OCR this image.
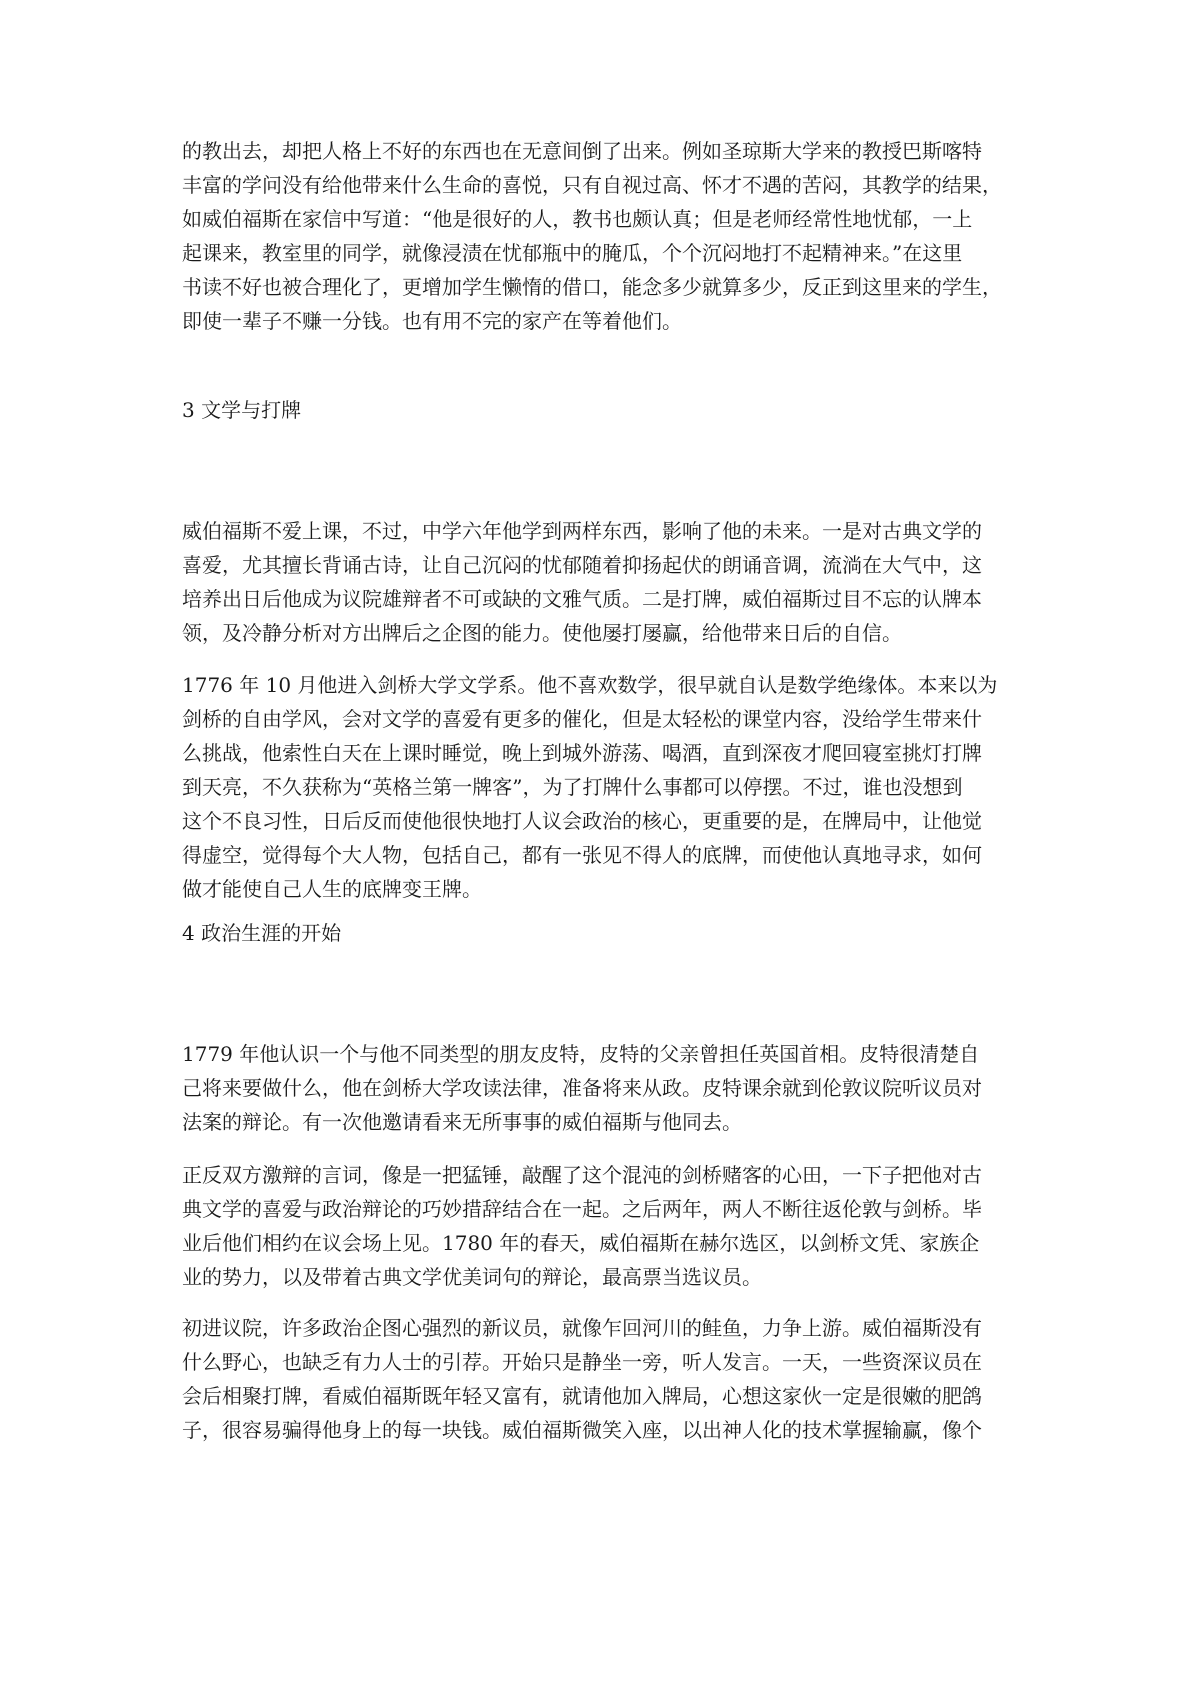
的教出去，却把人格上不好的东西也在无意间倒了出来。例如圣琼斯大学来的教授巴斯喀特
丰富的学问没有给他带来什么生命的喜悦，只有自视过高、怀才不遇的苦闷，其教学的结果，
如威伯福斯在家信中写道：“他是很好的人，教书也颇认真；但是老师经常性地忧郁，一上
起课来，教室里的同学，就像浸渍在忧郁瓶中的腌瓜，个个沉闷地打不起精神来。”在这里
书读不好也被合理化了，更增加学生懒惰的借口，能念多少就算多少，反正到这里来的学生，
即使一辈子不赚一分钱。也有用不完的家产在等着他们。
3 文学与打牌
威伯福斯不爱上课，不过，中学六年他学到两样东西，影响了他的未来。一是对古典文学的
喜爱，尤其擅长背诵古诗，让自己沉闷的忧郁随着抑扬起伏的朗诵音调，流淌在大气中，这
培养出日后他成为议院雄辩者不可或缺的文雅气质。二是打牌，威伯福斯过目不忘的认牌本
领，及冷静分析对方出牌后之企图的能力。使他屡打屡赢，给他带来日后的自信。
1776 年 10 月他进入剑桥大学文学系。他不喜欢数学，很早就自认是数学绝缘体。本来以为
剑桥的自由学风，会对文学的喜爱有更多的催化，但是太轻松的课堂内容，没给学生带来什
么挑战，他索性白天在上课时睡觉，晚上到城外游荡、喝酒，直到深夜才爬回寝室挑灯打牌
到天亮，不久获称为“英格兰第一牌客”，为了打牌什么事都可以停摆。不过，谁也没想到
这个不良习性，日后反而使他很快地打人议会政治的核心，更重要的是，在牌局中，让他觉
得虚空，觉得每个大人物，包括自己，都有一张见不得人的底牌，而使他认真地寻求，如何
做才能使自己人生的底牌变王牌。
4 政治生涯的开始
1779 年他认识一个与他不同类型的朋友皮特，皮特的父亲曾担任英国首相。皮特很清楚自
己将来要做什么，他在剑桥大学攻读法律，准备将来从政。皮特课余就到伦敦议院听议员对
法案的辩论。有一次他邀请看来无所事事的威伯福斯与他同去。
正反双方激辩的言词，像是一把猛锤，敲醒了这个混沌的剑桥赌客的心田，一下子把他对古
典文学的喜爱与政治辩论的巧妙措辞结合在一起。之后两年，两人不断往返伦敦与剑桥。毕
业后他们相约在议会场上见。1780 年的春天，威伯福斯在赫尔选区，以剑桥文凭、家族企
业的势力，以及带着古典文学优美词句的辩论，最高票当选议员。
初进议院，许多政治企图心强烈的新议员，就像乍回河川的鲑鱼，力争上游。威伯福斯没有
什么野心，也缺乏有力人士的引荐。开始只是静坐一旁，听人发言。一天，一些资深议员在
会后相聚打牌，看威伯福斯既年轻又富有，就请他加入牌局，心想这家伙一定是很嫩的肥鸽
子，很容易骗得他身上的每一块钱。威伯福斯微笑入座，以出神人化的技术掌握输赢，像个
